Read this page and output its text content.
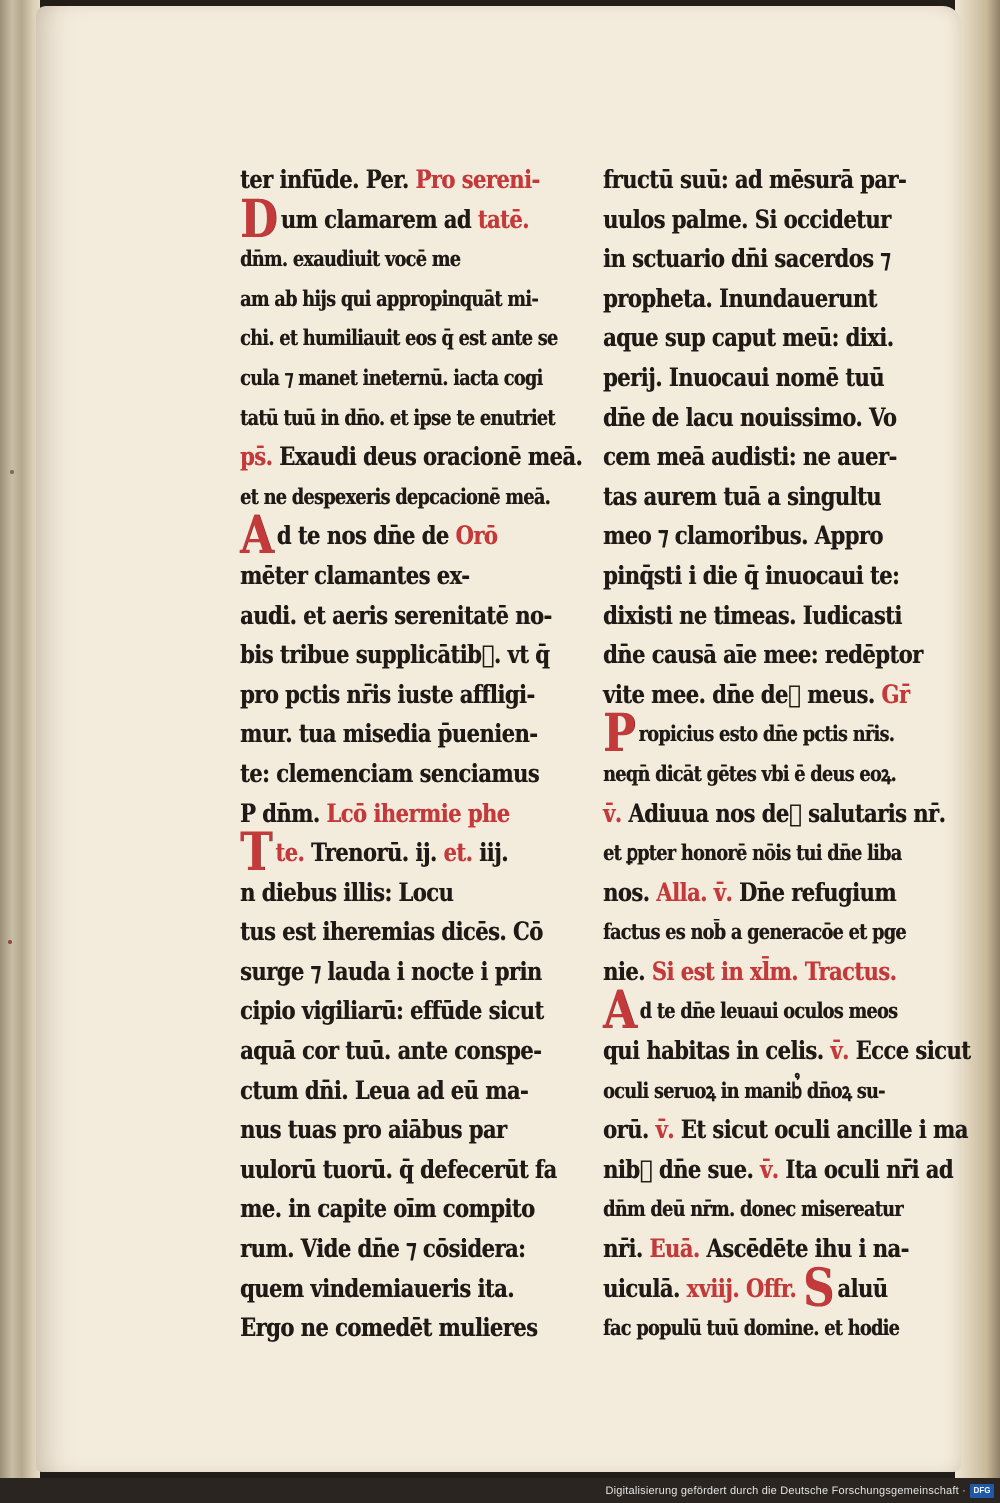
ter infūde. Per. Pro sereni-
Dum clamarem ad tatē.
dn̄m. exaudiuit vocē me
am ab hijs qui appropinquāt mi-
chi. et humiliauit eos q̄ est ante se
cula ⁊ manet ineternū. iacta cogi
tatū tuū in dn̄o. et ipse te enutriet
ps̄. Exaudi deus oracionē meā.
et ne despexeris depcacionē meā.
Ad te nos dn̄e de Orō
mēter clamantes ex-
audi. et aeris serenitatē no-
bis tribue supplicātib᷒. vt q̄
pro pctis nr̄is iuste affligi-
mur. tua misedia p̄uenien-
te: clemenciam senciamus
P dn̄m. Lcō ihermie phe
Tte. Trenorū. ij. et. iij.
n diebus illis: Locu
tus est iheremias dicēs. Cō
surge ⁊ lauda i nocte i prin
cipio vigiliarū: effūde sicut
aquā cor tuū. ante conspe-
ctum dn̄i. Leua ad eū ma-
nus tuas pro aiābus par
uulorū tuorū. q̄ defecerūt fa
me. in capite oīm compito
rum. Vide dn̄e ⁊ cōsidera:
quem vindemiaueris ita.
Ergo ne comedēt mulieres
fructū suū: ad mēsurā par-
uulos palme. Si occidetur
in sctuario dn̄i sacerdos ⁊
propheta. Inundauerunt
aque sup caput meū: dixi.
perij. Inuocaui nomē tuū
dn̄e de lacu nouissimo. Vo
cem meā audisti: ne auer-
tas aurem tuā a singultu
meo ⁊ clamoribus. Appro
pinq̄sti i die q̄ inuocaui te:
dixisti ne timeas. Iudicasti
dn̄e causā aīe mee: redēptor
vite mee. dn̄e de᷒ meus. Gr̄
Propicius esto dn̄e pctis nr̄is.
neqn̄ dicāt gētes vbi ē deus eoꝝ.
v̄. Adiuua nos de᷒ salutaris nr̄.
et ꝑpter honorē nōis tui dn̄e liba
nos. Alla. v̄. Dn̄e refugium
factus es nob̄ a generacōe et pge
nie. Si est in xl̄m. Tractus.
Ad te dn̄e leuaui oculos meos
qui habitas in celis. v̄. Ecce sicut
oculi seruoꝝ in manib᷒ dn̄oꝝ su-
orū. v̄. Et sicut oculi ancille i ma
nib᷒ dn̄e sue. v̄. Ita oculi nr̄i ad
dn̄m deū nr̄m. donec misereatur
nr̄i. Euā. Ascēdēte ihu i na-
uiculā. xviij. Offr. S aluū
fac populū tuū domine. et hodie
Digitalisierung gefördert durch die Deutsche Forschungsgemeinschaft · DFG
